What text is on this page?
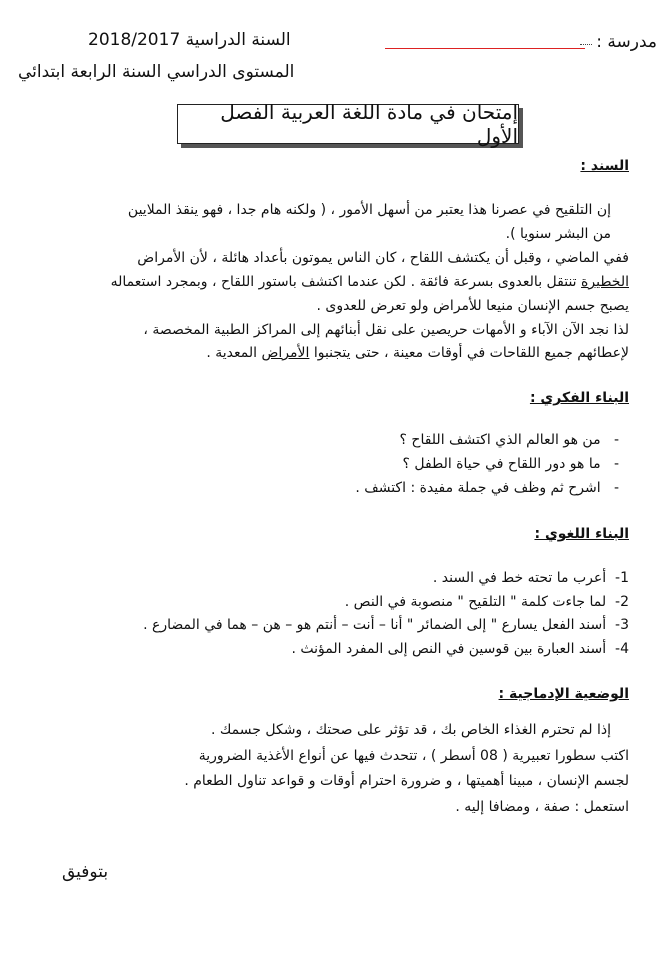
مدرسة :
السنة الدراسية 2018/2017
المستوى الدراسي السنة الرابعة ابتدائي
إمتحان في مادة اللغة العربية الفصل الأول
السند :
إن التلقيح في عصرنا هذا يعتبر من أسهل الأمور ، ( ولكنه هام جدا ، فهو ينقذ الملايين
من البشر سنويا ).
ففي الماضي ، وقبل أن يكتشف اللقاح ، كان الناس يموتون بأعداد هائلة ، لأن الأمراض
الخطيرة تنتقل بالعدوى بسرعة فائقة . لكن عندما اكتشف باستور اللقاح ، وبمجرد استعماله
يصبح جسم الإنسان منيعا للأمراض ولو تعرض للعدوى .
لذا نجد الآن الآباء و الأمهات حريصين على نقل أبنائهم إلى المراكز الطبية المخصصة ،
لإعطائهم جميع اللقاحات في أوقات معينة ، حتى يتجنبوا الأمراض المعدية .
البناء الفكري :
-   من هو العالم الذي اكتشف اللقاح ؟
-   ما هو دور اللقاح في حياة الطفل ؟
-   اشرح ثم وظف في جملة مفيدة : اكتشف .
البناء اللغوي :
1-  أعرب ما تحته خط في السند .
2-  لما جاءت كلمة " التلقيح " منصوبة في النص .
3-  أسند الفعل يسارع " إلى الضمائر " أنا – أنت – أنتم هو – هن – هما في المضارع .
4-  أسند العبارة بين قوسين في النص إلى المفرد المؤنث .
الوضعية الإدماجية :
إذا لم تحترم الغذاء الخاص بك ، قد تؤثر على صحتك ، وشكل جسمك .
اكتب سطورا تعبيرية ( 08 أسطر ) ، تتحدث فيها عن أنواع الأغذية الضرورية
لجسم الإنسان ، مبينا أهميتها ، و ضرورة احترام أوقات و قواعد تناول الطعام .
استعمل : صفة ، ومضافا إليه .
بتوفيق
